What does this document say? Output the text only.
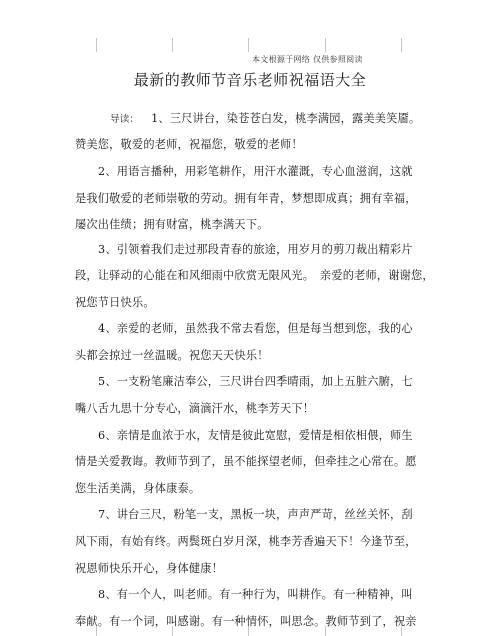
本文根源于网络 仅供参照阅读
最新的教师节音乐老师祝福语大全
导读： 1、三尺讲台，染苍苍白发，桃李满园，露美美笑靥。
赞美您，敬爱的老师，祝福您，敬爱的老师！
2、用语言播种，用彩笔耕作，用汗水灌溉，专心血滋润，这就
是我们敬爱的老师崇敬的劳动。拥有年青，梦想即成真；拥有幸福，
屡次出佳绩；拥有财富，桃李满天下。
3、引领着我们走过那段青春的旅途，用岁月的剪刀裁出精彩片
段，让驿动的心能在和风细雨中欣赏无限风光。　亲爱的老师，谢谢您，
祝您节日快乐。
4、亲爱的老师，虽然我不常去看您，但是每当想到您，我的心
头都会掠过一丝温暖。祝您天天快乐！
5、一支粉笔廉洁奉公，三尺讲台四季晴雨，加上五脏六腑，七
嘴八舌九思十分专心，滴滴汗水，桃李芳天下！
6、亲情是血浓于水，友情是彼此宽慰，爱情是相依相偎，师生
情是关爱教诲。教师节到了，虽不能探望老师，但牵挂之心常在。愿
您生活美满，身体康泰。
7、讲台三尺，粉笔一支，黑板一块，声声严苛，丝丝关怀，刮
风下雨，有始有终。两鬓斑白岁月深，桃李芳香遍天下！今逢节至，
祝恩师快乐开心，身体健康！
8、有一个人，叫老师。有一种行为，叫耕作。有一种精神，叫
奉献。有一个词，叫感谢。有一种情怀，叫思念。教师节到了，祝亲
